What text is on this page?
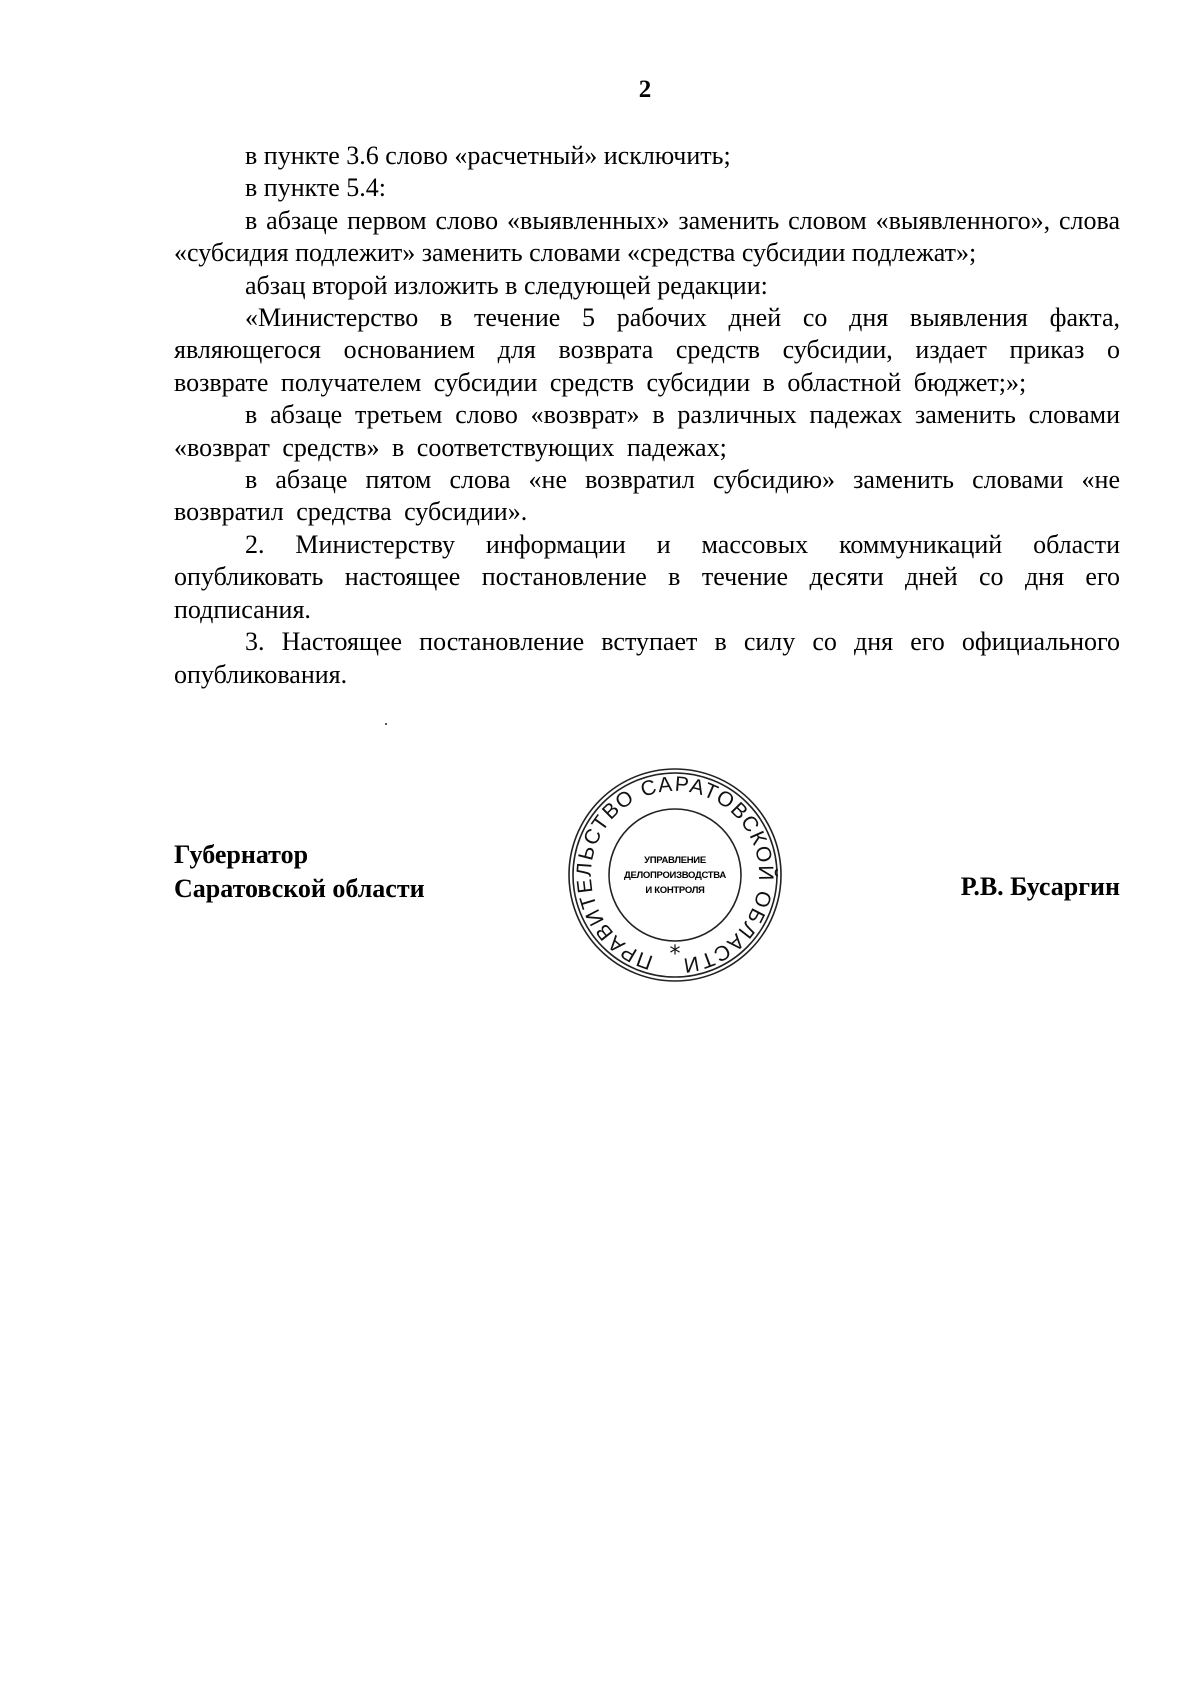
2

в пункте 3.6 слово «расчетный» исключить;

в пункте 5.4:

в абзаце первом слово «выявленных» заменить словом «выявленного», слова «субсидия подлежит» заменить словами «средства субсидии подлежат»;

абзац второй изложить в следующей редакции:

«Министерство в течение 5 рабочих дней со дня выявления факта, являющегося основанием для возврата средств субсидии, издает приказ о возврате получателем субсидии средств субсидии в областной бюджет;»;

в абзаце третьем слово «возврат» в различных падежах заменить словами «возврат средств» в соответствующих падежах;

в абзаце пятом слова «не возвратил субсидию» заменить словами «не возвратил средства субсидии».

2. Министерству информации и массовых коммуникаций области опубликовать настоящее постановление в течение десяти дней со дня его подписания.

3. Настоящее постановление вступает в силу со дня его официального опубликования.

Губернатор
Саратовской области
ПРАВИТЕЛЬСТВО САРАТОВСКОЙ ОБЛАСТИ
*
УПРАВЛЕНИЕ
ДЕЛОПРОИЗВОДСТВА
И КОНТРОЛЯ	Р.В. Бусаргин
